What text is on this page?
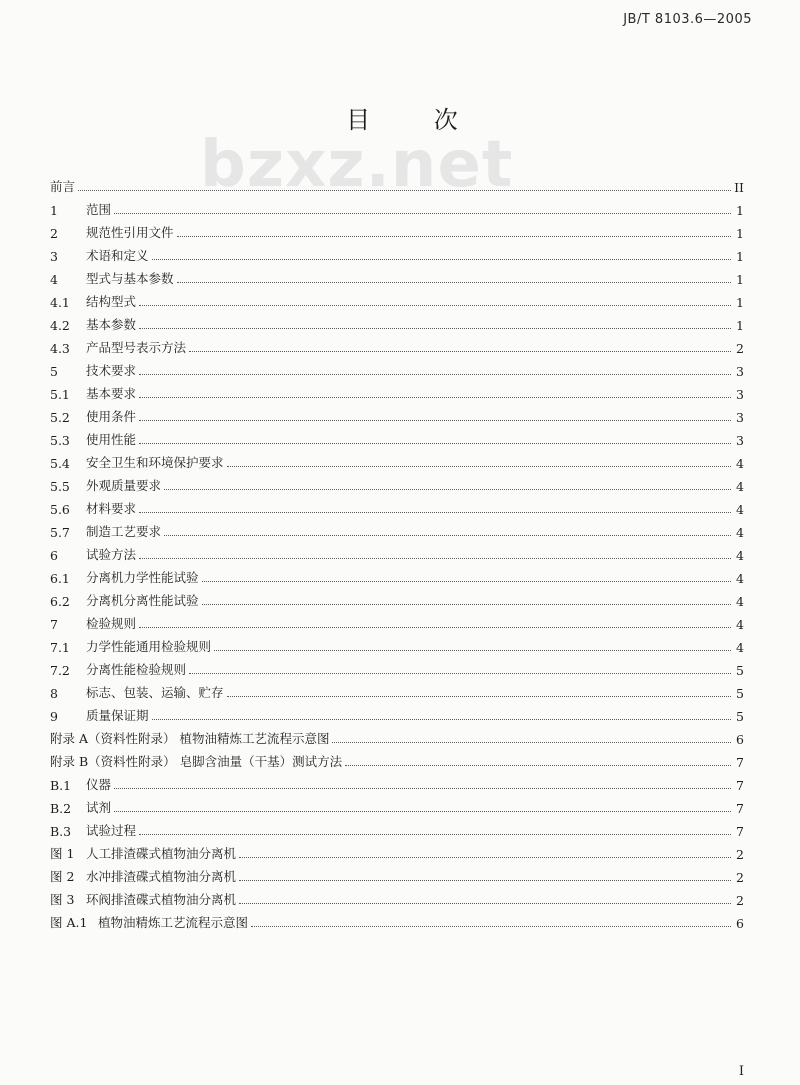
JB/T 8103.6—2005
bzxz.net
目 次
前言	II
1	范围	1
2	规范性引用文件	1
3	术语和定义	1
4	型式与基本参数	1
4.1	结构型式	1
4.2	基本参数	1
4.3	产品型号表示方法	2
5	技术要求	3
5.1	基本要求	3
5.2	使用条件	3
5.3	使用性能	3
5.4	安全卫生和环境保护要求	4
5.5	外观质量要求	4
5.6	材料要求	4
5.7	制造工艺要求	4
6	试验方法	4
6.1	分离机力学性能试验	4
6.2	分离机分离性能试验	4
7	检验规则	4
7.1	力学性能通用检验规则	4
7.2	分离性能检验规则	5
8	标志、包装、运输、贮存	5
9	质量保证期	5
附录 A（资料性附录） 植物油精炼工艺流程示意图	6
附录 B（资料性附录） 皂脚含油量（干基）测试方法	7
B.1	仪器	7
B.2	试剂	7
B.3	试验过程	7
图 1 人工排渣碟式植物油分离机	2
图 2 水冲排渣碟式植物油分离机	2
图 3 环阀排渣碟式植物油分离机	2
图 A.1 植物油精炼工艺流程示意图	6
I
